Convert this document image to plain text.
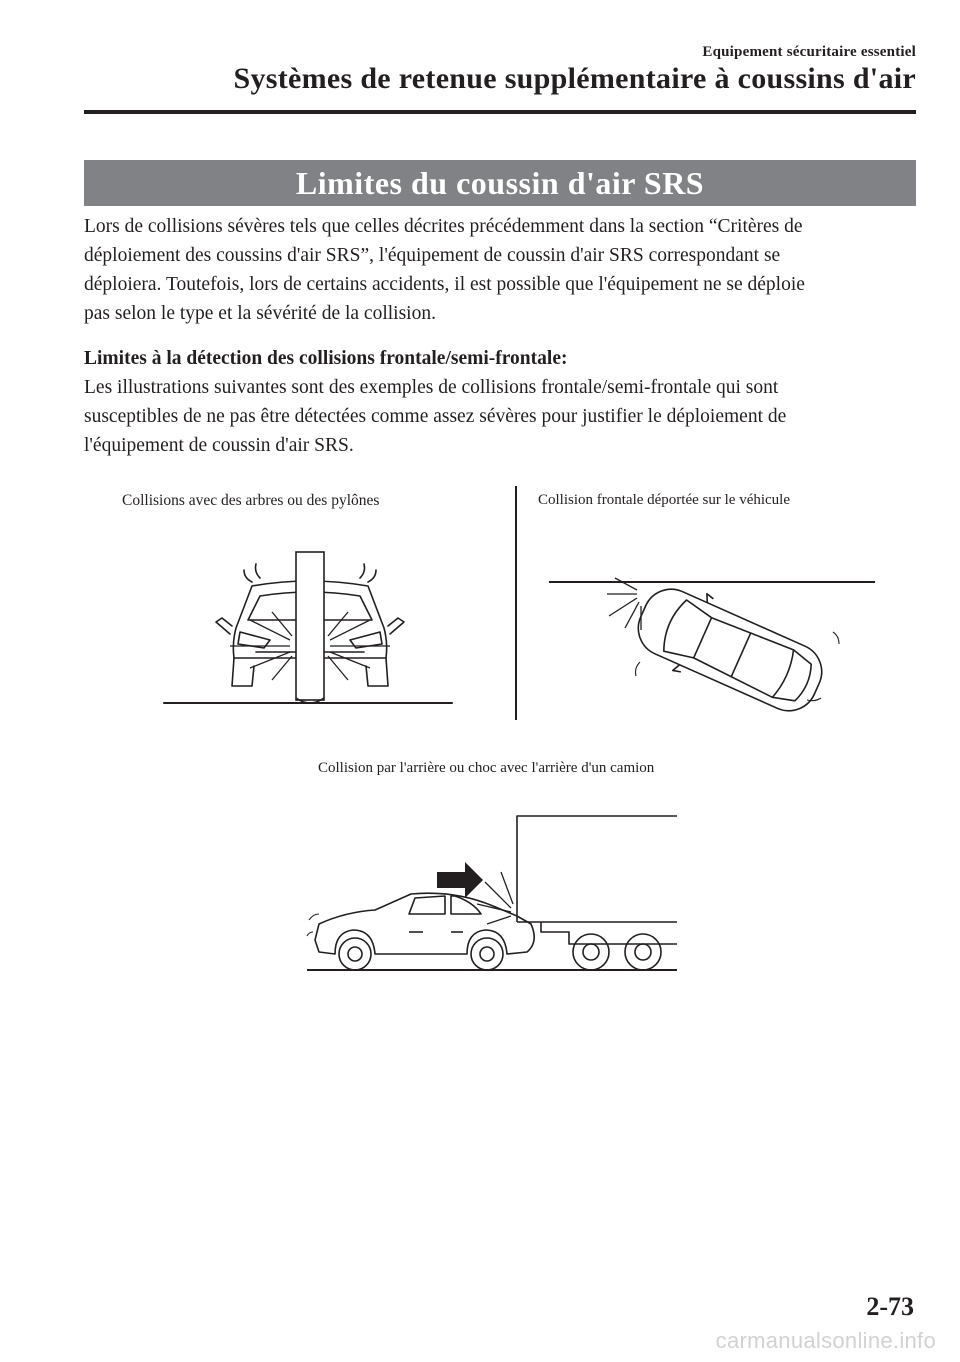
Equipement sécuritaire essentiel
Systèmes de retenue supplémentaire à coussins d'air
Limites du coussin d'air SRS
Lors de collisions sévères tels que celles décrites précédemment dans la section “Critères de
déploiement des coussins d'air SRS”, l'équipement de coussin d'air SRS correspondant se
déploiera. Toutefois, lors de certains accidents, il est possible que l'équipement ne se déploie
pas selon le type et la sévérité de la collision.
Limites à la détection des collisions frontale/semi-frontale:
Les illustrations suivantes sont des exemples de collisions frontale/semi-frontale qui sont
susceptibles de ne pas être détectées comme assez sévères pour justifier le déploiement de
l'équipement de coussin d'air SRS.
Collisions avec des arbres ou des pylônes	Collision frontale déportée sur le véhicule
Collision par l'arrière ou choc avec l'arrière d'un camion
2-73
carmanualsonline.info
